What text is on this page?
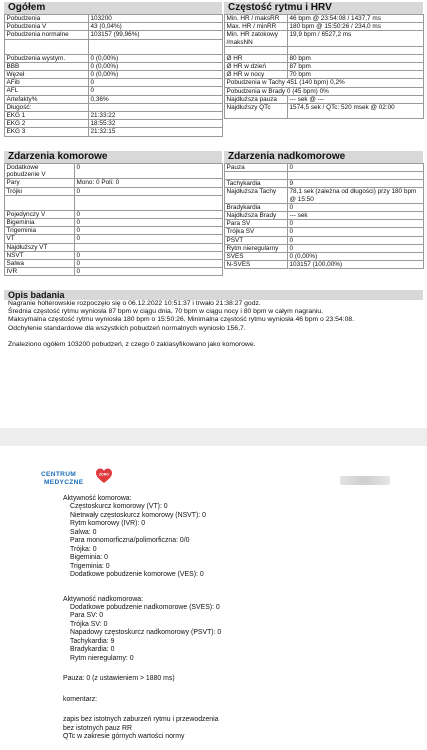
Ogółem
Pobudzenia	103200
Pobudzenia V	43 (0,04%)
Pobudzenia normalne	103157 (99,96%)

Pobudzenia wystym.	0 (0,00%)
BBB	0 (0,00%)
Węzeł	0 (0,00%)
AFib	0
AFL	0
Artefakty%	0,36%
Długość:	
EKG 1	21:33:22
EKG 2	18:55:32
EKG 3	21:32:15
Częstość rytmu i HRV
Min. HR / maksRR	46 bpm @ 23:54:08 / 1437,7 ms
Max. HR / minRR	180 bpm @ 15:50:26 / 234,0 ms
Min. HR zatokowy /maksNN	19,9 bpm / 6527,2 ms

Ø HR	80 bpm
Ø HR w dzień	87 bpm
Ø HR w nocy	70 bpm
Pobudzenia w Tachy 451 (140 bpm) 0,2%	
Pobudzenia w Brady 0 (45 bpm) 0%	
Najdłuższa pauza	--- sek @ ---
Najdłuższy QTc	1574,5 sek / QTc: 520 msek @ 02:00
Zdarzenia komorowe
Dodatkowe pobudzenie V	0
Pary	Mono: 0 Poli: 0
Trójki	0

Pojedynczy V	0
Bigeminia	0
Trigeminia	0
VT	0
Najdłuższy VT	
NSVT	0
Salwa	0
IVR	0
Zdarzenia nadkomorowe
Pauza	0

Tachykardia	9
Najdłuższa Tachy	78,1 sek (zależna od długości) przy 180 bpm @ 15:50
Bradykardia	0
Najdłuższa Brady	--- sek
Para SV	0
Trójka SV	0
PSVT	0
Rytm nieregularny	0
SVES	0 (0,00%)
N-SVES	103157 (100,00%)
Opis badania

Nagranie holterowskie rozpoczęło się o 06.12.2022 10:51:37 i trwało 21:38:27 godz.

Średnia częstość rytmu wyniosła 87 bpm w ciągu dnia, 70 bpm w ciągu nocy i 80 bpm w całym nagraniu.

Maksymalna częstość rytmu wyniosła 180 bpm o 15:50:26. Minimalna częstość rytmu wyniosła 46 bpm o 23:54:08.

Odchylenie standardowe dla wszystkich pobudzeń normalnych wyniosło 156,7.

Znaleziono ogółem 103200 pobudzeń, z czego 0 zaklasyfikowano jako komorowe.

CENTRUM
MEDYCZNE
ZDRO
Aktywność komorowa:
Częstoskurcz komorowy (VT): 0
Nietrwały częstoskurcz komorowy (NSVT): 0
Rytm komorowy (IVR): 0
Salwa: 0
Para monomorficzna/polimorficzna: 0/0
Trójka: 0
Bigeminia: 0
Trigeminia: 0
Dodatkowe pobudzenie komorowe (VES): 0
Aktywność nadkomorowa:
Dodatkowe pobudzenie nadkomorowe (SVES): 0
Para SV: 0
Trójka SV: 0
Napadowy częstoskurcz nadkomorowy (PSVT): 0
Tachykardia: 9
Bradykardia: 0
Rytm nieregularny: 0
Pauza: 0 (z ustawieniem > 1880 ms)
komentarz:
zapis bez istotnych zaburzeń rytmu i przewodzenia
bez istotnych pauz RR
QTc w zakresie górnych wartości normy
